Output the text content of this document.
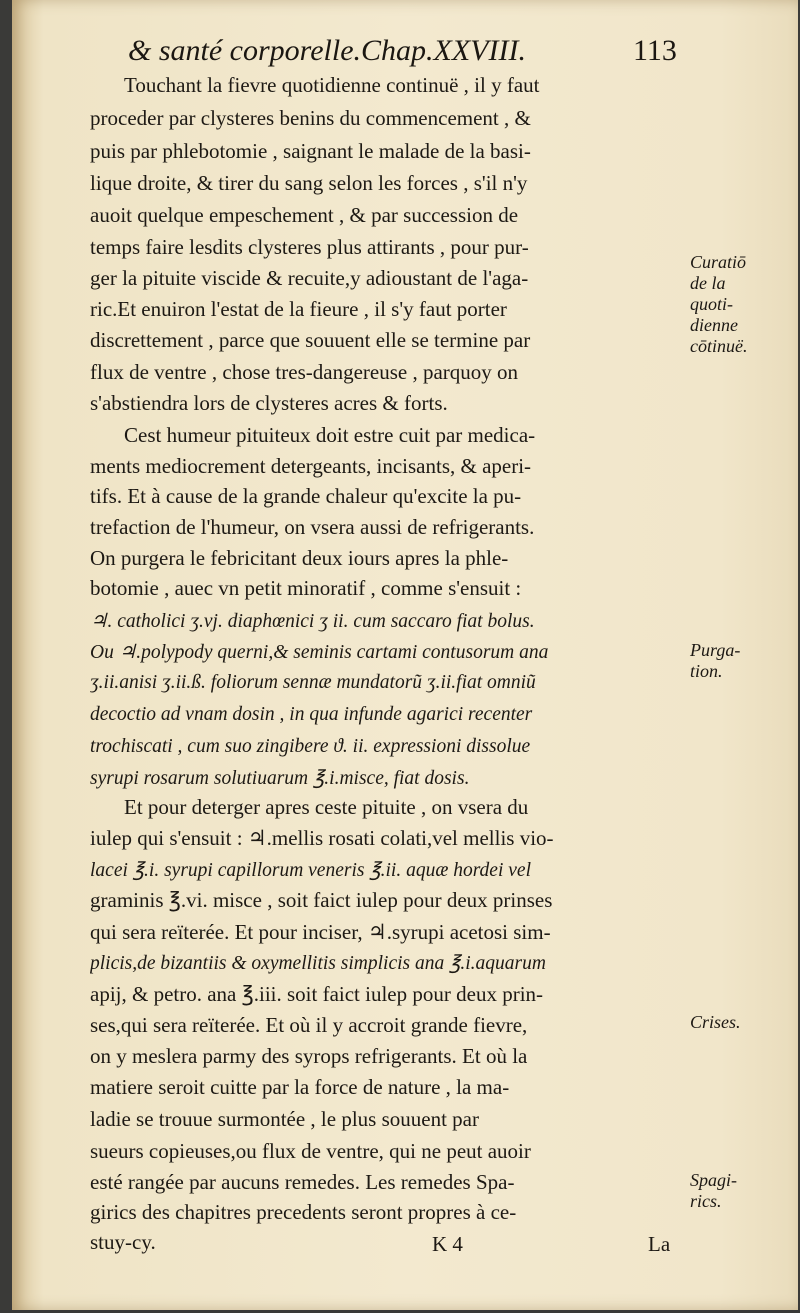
& santé corporelle.Chap.XXVIII.	113
Touchant la fievre quotidienne continuë , il y faut
proceder par clysteres benins du commencement , &
puis par phlebotomie , saignant le malade de la basi-
lique droite, & tirer du sang selon les forces , s'il n'y
auoit quelque empeschement , & par succession de
temps faire lesdits clysteres plus attirants , pour pur-
ger la pituite viscide & recuite,y adioustant de l'aga-
ric.Et enuiron l'estat de la fieure , il s'y faut porter
discrettement , parce que souuent elle se termine par
flux de ventre , chose tres-dangereuse , parquoy on
s'abstiendra lors de clysteres acres & forts.
Cest humeur pituiteux doit estre cuit par medica-
ments mediocrement detergeants, incisants, & aperi-
tifs. Et à cause de la grande chaleur qu'excite la pu-
trefaction de l'humeur, on vsera aussi de refrigerants.
On purgera le febricitant deux iours apres la phle-
botomie , auec vn petit minoratif , comme s'ensuit :
♃. catholici ʒ.vj. diaphœnici ʒ ii. cum saccaro fiat bolus.
Ou ♃.polypody querni,& seminis cartami contusorum ana
ʒ.ii.anisi ʒ.ii.ß. foliorum sennæ mundatorũ ʒ.ii.fiat omniũ
decoctio ad vnam dosin , in qua infunde agarici recenter
trochiscati , cum suo zingibere ϑ. ii. expressioni dissolue
syrupi rosarum solutiuarum ℥.i.misce, fiat dosis.
Et pour deterger apres ceste pituite , on vsera du
iulep qui s'ensuit : ♃.mellis rosati colati,vel mellis vio-
lacei ℥.i. syrupi capillorum veneris ℥.ii. aquæ hordei vel
graminis ℥.vi. misce , soit faict iulep pour deux prinses
qui sera reïterée. Et pour inciser, ♃.syrupi acetosi sim-
plicis,de bizantiis & oxymellitis simplicis ana ℥.i.aquarum
apij, & petro. ana ℥.iii. soit faict iulep pour deux prin-
ses,qui sera reïterée. Et où il y accroit grande fievre,
on y meslera parmy des syrops refrigerants. Et où la
matiere seroit cuitte par la force de nature , la ma-
ladie se trouue surmontée , le plus souuent par
sueurs copieuses,ou flux de ventre, qui ne peut auoir
esté rangée par aucuns remedes. Les remedes Spa-
girics des chapitres precedents seront propres à ce-
stuy-cy.
Curatiō
de la
quoti-
dienne
cōtinuë.
Purga-
tion.
Crises.
Spagi-
rics.
K 4	La
